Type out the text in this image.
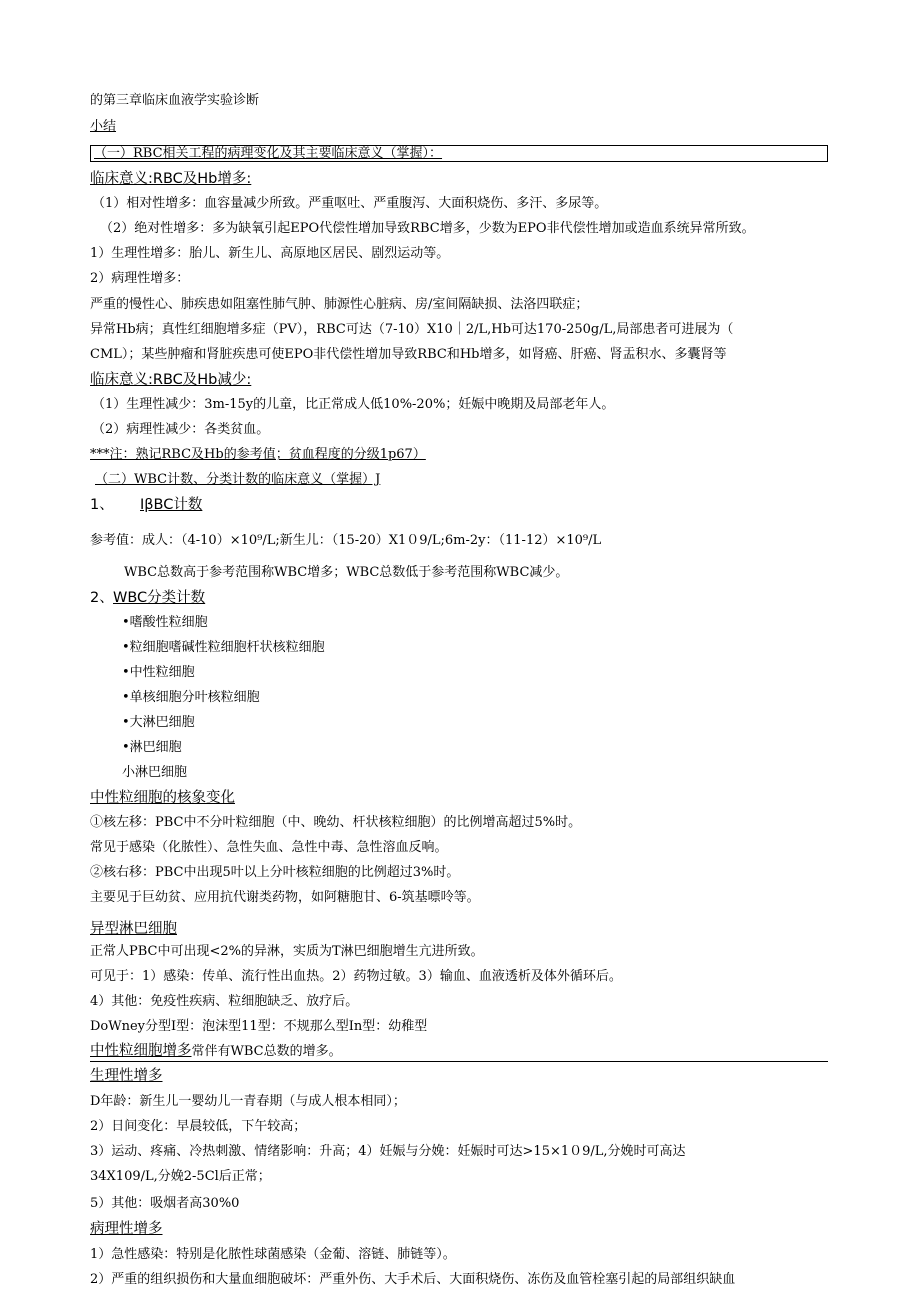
的第三章临床血液学实验诊断
小结
（一）RBC相关工程的病理变化及其主要临床意义（掌握）：
临床意义:RBC及Hb增多:
（1）相对性增多：血容量减少所致。严重呕吐、严重腹泻、大面积烧伤、多汗、多尿等。
（2）绝对性增多：多为缺氧引起EPO代偿性增加导致RBC增多，少数为EPO非代偿性增加或造血系统异常所致。
1）生理性增多：胎儿、新生儿、高原地区居民、剧烈运动等。
2）病理性增多：
严重的慢性心、肺疾患如阻塞性肺气肿、肺源性心脏病、房/室间隔缺损、法洛四联症；
异常Hb病；真性红细胞增多症（PV），RBC可达（7-10）X10｜2/L,Hb可达170-250g/L,局部患者可进展为（
CML）；某些肿瘤和肾脏疾患可使EPO非代偿性增加导致RBC和Hb增多，如肾癌、肝癌、肾盂积水、多囊肾等
临床意义:RBC及Hb减少:
（1）生理性减少：3m-15y的儿童，比正常成人低10%-20%；妊娠中晚期及局部老年人。
（2）病理性减少：各类贫血。
***注：熟记RBC及Hb的参考值；贫血程度的分级1p67）
（二）WBC计数、分类计数的临床意义（掌握）J
1、 IβBC计数
参考值：成人：（4-10）×10⁹/L;新生儿：（15-20）X1０9/L;6m-2y：（11-12）×10⁹/L
WBC总数高于参考范围称WBC增多；WBC总数低于参考范围称WBC减少。
2、 WBC分类计数
•嗜酸性粒细胞
•粒细胞嗜碱性粒细胞杆状核粒细胞
•中性粒细胞
•单核细胞分叶核粒细胞
•大淋巴细胞
•淋巴细胞
小淋巴细胞
中性粒细胞的核象变化
①核左移：PBC中不分叶粒细胞（中、晚幼、杆状核粒细胞）的比例增高超过5%时。
常见于感染（化脓性）、急性失血、急性中毒、急性溶血反响。
②核右移：PBC中出现5叶以上分叶核粒细胞的比例超过3%时。
主要见于巨幼贫、应用抗代谢类药物，如阿糖胞甘、6-筑基嘌呤等。
异型淋巴细胞
正常人PBC中可出现<2%的异淋，实质为T淋巴细胞增生亢进所致。
可见于：1）感染：传单、流行性出血热。2）药物过敏。3）输血、血液透析及体外循环后。
4）其他：免疫性疾病、粒细胞缺乏、放疗后。
DoWney分型I型：泡沫型11型：不规那么型In型：幼稚型
中性粒细胞增多常伴有WBC总数的增多。
生理性增多
D年龄：新生儿一婴幼儿一青春期（与成人根本相同）；
2）日间变化：早晨较低，下午较高；
3）运动、疼痛、冷热刺激、情绪影响：升高；4）妊娠与分娩：妊娠时可达>15×1０9/L,分娩时可高达
34X109/L,分娩2-5Cl后正常；
5）其他：吸烟者高30%0
病理性增多
1）急性感染：特别是化脓性球菌感染（金葡、溶链、肺链等）。
2）严重的组织损伤和大量血细胞破坏：严重外伤、大手术后、大面积烧伤、冻伤及血管栓塞引起的局部组织缺血
